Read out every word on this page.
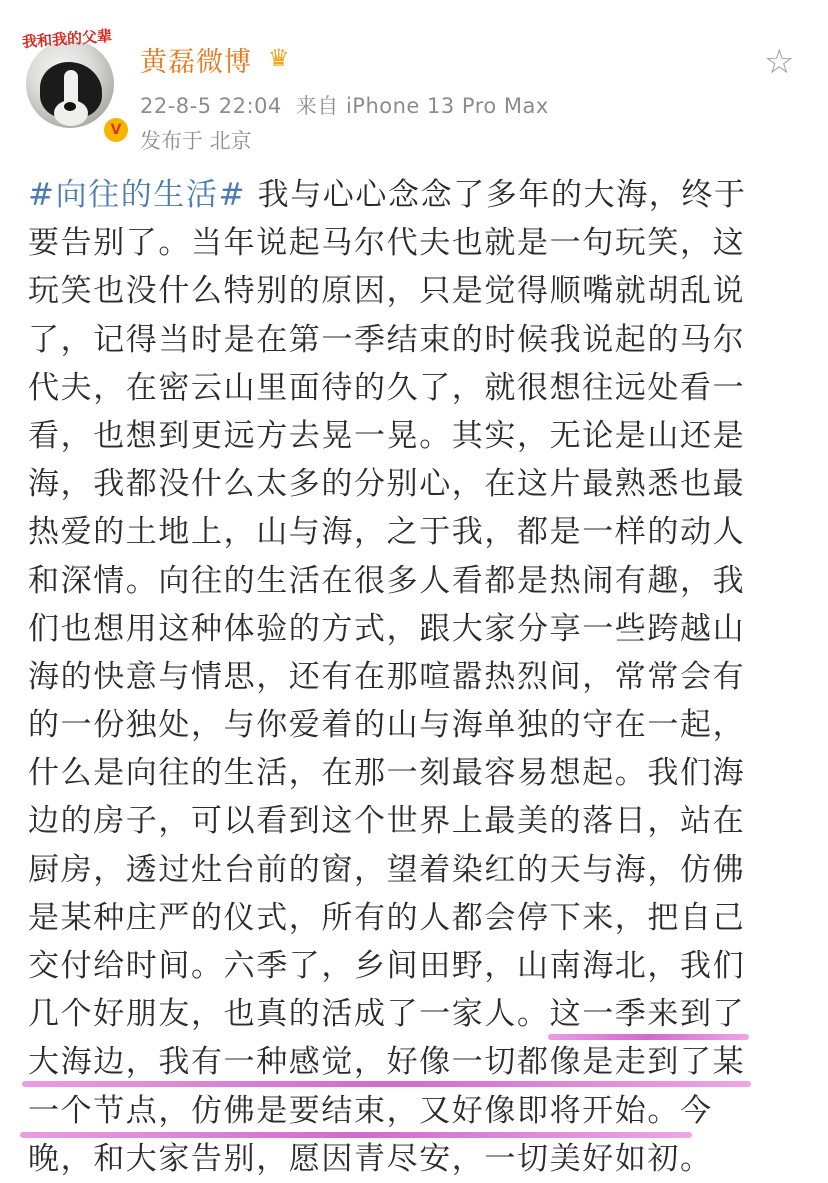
我和我的父辈
V
黄磊微博 ♛
22-8-5 22:04 来自 iPhone 13 Pro Max
发布于 北京
☆
#向往的生活# 我与心心念念了多年的大海，终于
要告别了。当年说起马尔代夫也就是一句玩笑，这
玩笑也没什么特别的原因，只是觉得顺嘴就胡乱说
了，记得当时是在第一季结束的时候我说起的马尔
代夫，在密云山里面待的久了，就很想往远处看一
看，也想到更远方去晃一晃。其实，无论是山还是
海，我都没什么太多的分别心，在这片最熟悉也最
热爱的土地上，山与海，之于我，都是一样的动人
和深情。向往的生活在很多人看都是热闹有趣，我
们也想用这种体验的方式，跟大家分享一些跨越山
海的快意与情思，还有在那喧嚣热烈间，常常会有
的一份独处，与你爱着的山与海单独的守在一起，
什么是向往的生活，在那一刻最容易想起。我们海
边的房子，可以看到这个世界上最美的落日，站在
厨房，透过灶台前的窗，望着染红的天与海，仿佛
是某种庄严的仪式，所有的人都会停下来，把自己
交付给时间。六季了，乡间田野，山南海北，我们
几个好朋友，也真的活成了一家人。这一季来到了
大海边，我有一种感觉，好像一切都像是走到了某
一个节点，仿佛是要结束，又好像即将开始。
今
晚，和大家告别，愿因青尽安，一切美好如初。
